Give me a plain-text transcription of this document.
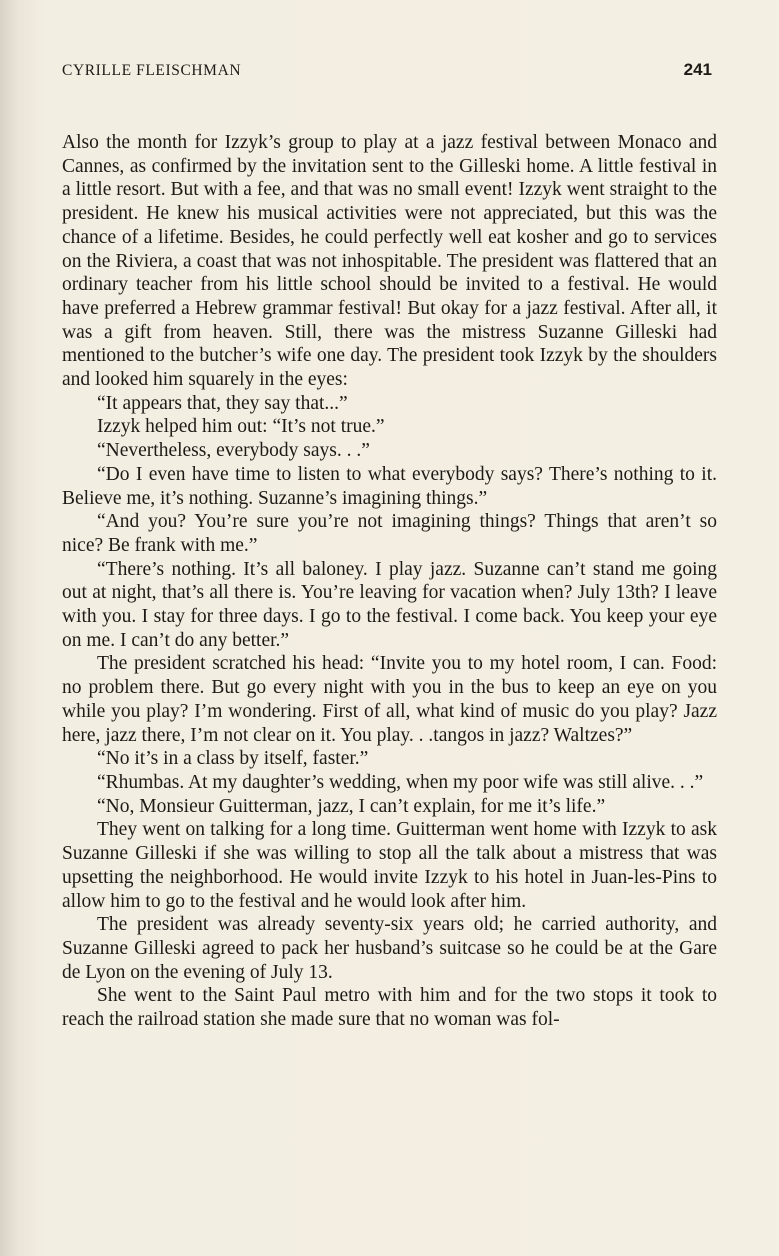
CYRILLE FLEISCHMAN	241

Also the month for Izzyk’s group to play at a jazz festival between Monaco and Cannes, as confirmed by the invitation sent to the Gilleski home. A little festival in a little resort. But with a fee, and that was no small event! Izzyk went straight to the president. He knew his musical activities were not appreciated, but this was the chance of a lifetime. Besides, he could perfectly well eat kosher and go to services on the Riviera, a coast that was not inhospitable. The president was flattered that an ordinary teacher from his little school should be invited to a festival. He would have preferred a Hebrew grammar festival! But okay for a jazz festival. After all, it was a gift from heaven. Still, there was the mistress Suzanne Gilleski had mentioned to the butcher’s wife one day. The president took Izzyk by the shoulders and looked him squarely in the eyes:

“It appears that, they say that...”

Izzyk helped him out: “It’s not true.”

“Nevertheless, everybody says. . .”

“Do I even have time to listen to what everybody says? There’s nothing to it. Believe me, it’s nothing. Suzanne’s imagining things.”

“And you? You’re sure you’re not imagining things? Things that aren’t so nice? Be frank with me.”

“There’s nothing. It’s all baloney. I play jazz. Suzanne can’t stand me going out at night, that’s all there is. You’re leaving for vacation when? July 13th? I leave with you. I stay for three days. I go to the festival. I come back. You keep your eye on me. I can’t do any better.”

The president scratched his head: “Invite you to my hotel room, I can. Food: no problem there. But go every night with you in the bus to keep an eye on you while you play? I’m wondering. First of all, what kind of music do you play? Jazz here, jazz there, I’m not clear on it. You play. . .tangos in jazz? Waltzes?”

“No it’s in a class by itself, faster.”

“Rhumbas. At my daughter’s wedding, when my poor wife was still alive. . .”

“No, Monsieur Guitterman, jazz, I can’t explain, for me it’s life.”

They went on talking for a long time. Guitterman went home with Izzyk to ask Suzanne Gilleski if she was willing to stop all the talk about a mistress that was upsetting the neighborhood. He would invite Izzyk to his hotel in Juan-les-Pins to allow him to go to the festival and he would look after him.

The president was already seventy-six years old; he carried authority, and Suzanne Gilleski agreed to pack her husband’s suitcase so he could be at the Gare de Lyon on the evening of July 13.

She went to the Saint Paul metro with him and for the two stops it took to reach the railroad station she made sure that no woman was fol-
